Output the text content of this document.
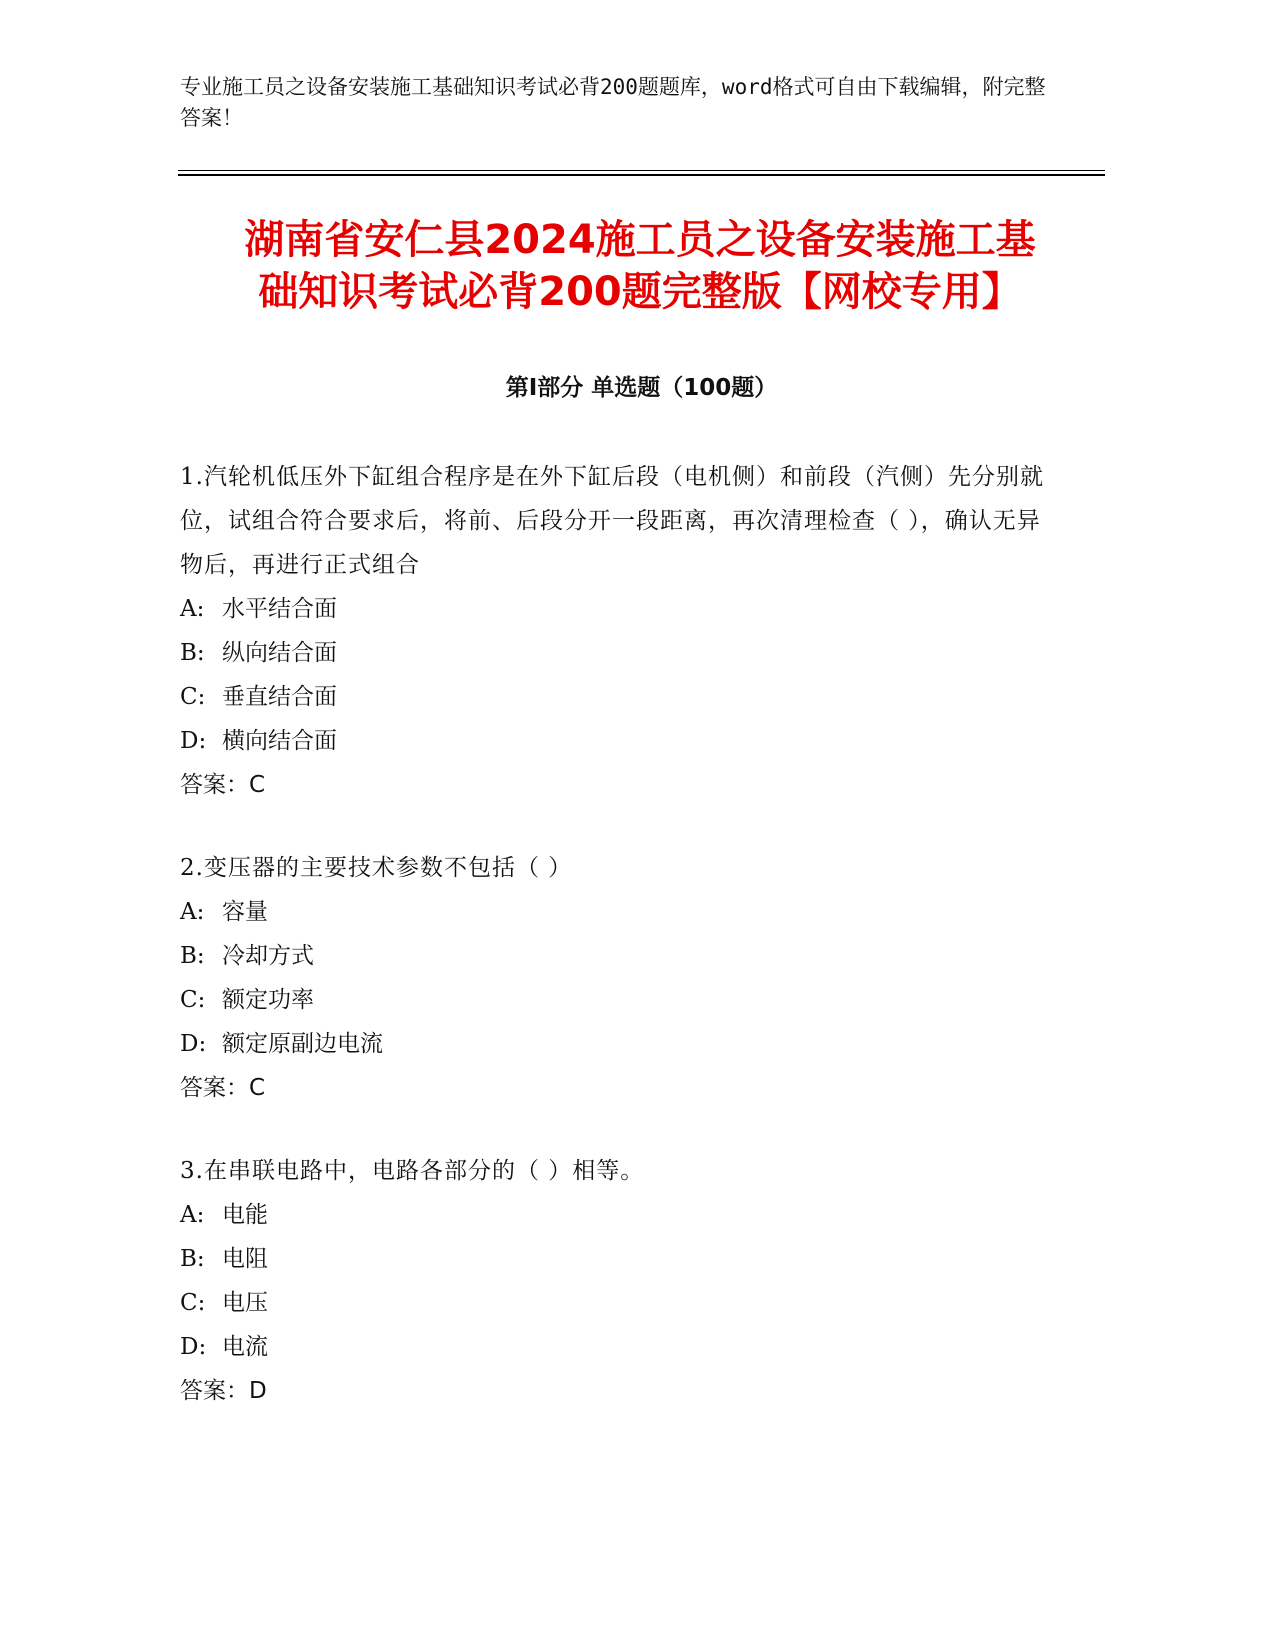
专业施工员之设备安装施工基础知识考试必背200题题库，word格式可自由下载编辑，附完整答案！
湖南省安仁县2024施工员之设备安装施工基
础知识考试必背200题完整版【网校专用】
第Ⅰ部分 单选题（100题）
1.汽轮机低压外下缸组合程序是在外下缸后段（电机侧）和前段（汽侧）先分别就位，试组合符合要求后，将前、后段分开一段距离，再次清理检查（ ），确认无异物后，再进行正式组合
A: 水平结合面
B: 纵向结合面
C: 垂直结合面
D: 横向结合面
答案：C
2.变压器的主要技术参数不包括（ ）
A: 容量
B: 冷却方式
C: 额定功率
D: 额定原副边电流
答案：C
3.在串联电路中，电路各部分的（ ）相等。
A: 电能
B: 电阻
C: 电压
D: 电流
答案：D
